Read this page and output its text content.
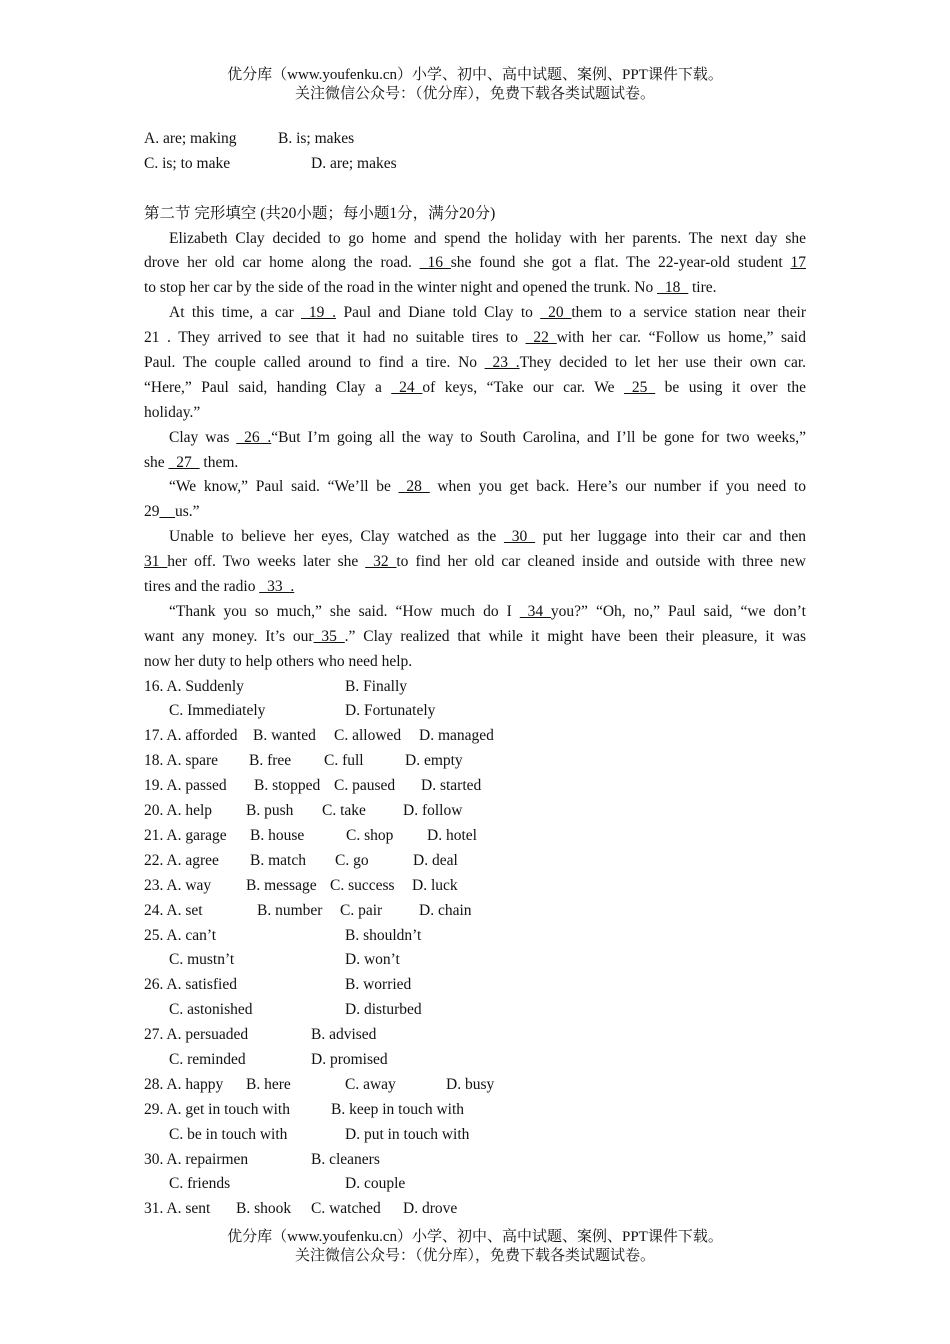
优分库（www.youfenku.cn）小学、初中、高中试题、案例、PPT课件下载。
关注微信公众号：（优分库），免费下载各类试题试卷。
A. are; making	B. is; makes
C. is; to make	D. are; makes
第二节 完形填空 (共20小题；每小题1分，满分20分)
Elizabeth Clay decided to go home and spend the holiday with her parents. The next day she
drove her old car home along the road. _16_she found she got a flat. The 22-year-old student 17
to stop her car by the side of the road in the winter night and opened the trunk. No _18_ tire.
At this time, a car _19_. Paul and Diane told Clay to _20_them to a service station near their
21 . They arrived to see that it had no suitable tires to _22_with her car. “Follow us home,” said
Paul. The couple called around to find a tire. No _23_.They decided to let her use their own car.
“Here,” Paul said, handing Clay a _24_of keys, “Take our car. We _25_ be using it over the
holiday.”
Clay was _26_.“But I’m going all the way to South Carolina, and I’ll be gone for two weeks,”
she _27_ them.
“We know,” Paul said. “We’ll be _28_ when you get back. Here’s our number if you need to
29__us.”
Unable to believe her eyes, Clay watched as the _30_ put her luggage into their car and then
31_her off. Two weeks later she _32_to find her old car cleaned inside and outside with three new
tires and the radio _33_.
“Thank you so much,” she said. “How much do I _34_you?” “Oh, no,” Paul said, “we don’t
want any money. It’s our_35_.” Clay realized that while it might have been their pleasure, it was
now her duty to help others who need help.
16. A. Suddenly	B. Finally
C. Immediately	D. Fortunately
17. A. afforded B. wanted C. allowed D. managed
18. A. spare B. free C. full	D. empty
19. A. passed B. stopped C. paused D. started
20. A. help B. push C. take D. follow
21. A. garage B. house	C. shop D. hotel
22. A. agree B. match C. go	D. deal
23. A. way B. message C. success D. luck
24. A. set	B. number C. pair D. chain
25. A. can’t	B. shouldn’t
C. mustn’t	D. won’t
26. A. satisfied	B. worried
C. astonished	D. disturbed
27. A. persuaded	B. advised
C. reminded	D. promised
28. A. happy B. here	C. away	D. busy
29. A. get in touch with	B. keep in touch with
C. be in touch with	D. put in touch with
30. A. repairmen	B. cleaners
C. friends	D. couple
31. A. sent B. shook C. watched D. drove
优分库（www.youfenku.cn）小学、初中、高中试题、案例、PPT课件下载。
关注微信公众号：（优分库），免费下载各类试题试卷。
